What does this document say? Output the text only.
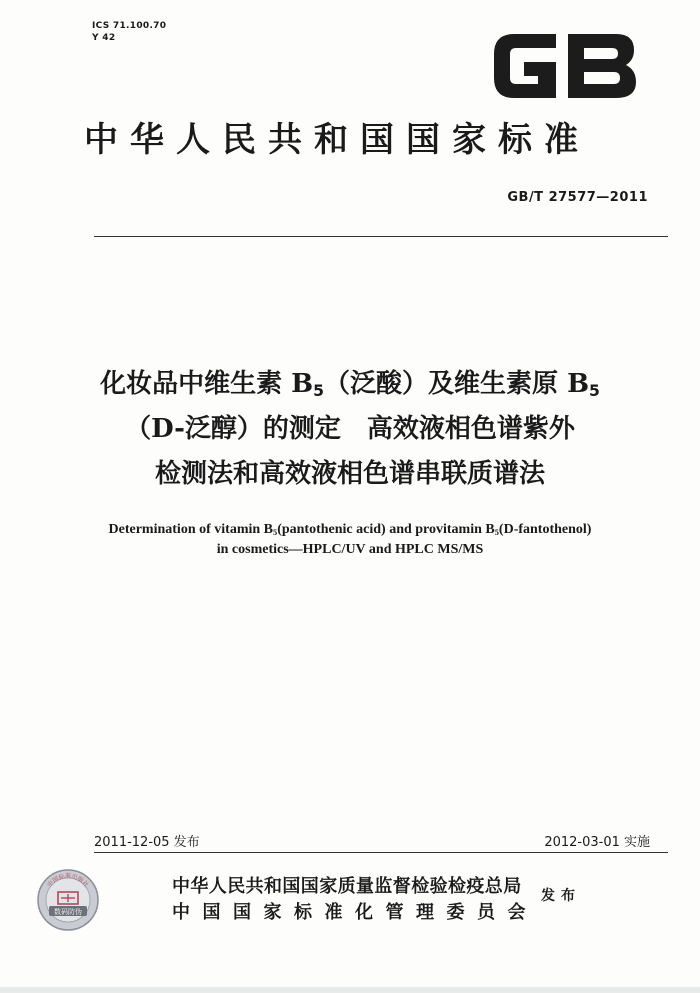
ICS 71.100.70
Y 42
中华人民共和国国家标准
GB/T 27577—2011
化妆品中维生素 $B_5$（泛酸）及维生素原 $B_5$
（D-泛醇）的测定　高效液相色谱紫外
检测法和高效液相色谱串联质谱法
Determination of vitamin $B_5(pantothenic$ acid) and provitamin $B_5(D-fantothenol)$
in cosmetics—HPLC/UV and HPLC MS/MS
2011-12-05 发布	2012-03-01 实施
中国标准出版社
数码防伪
中华人民共和国国家质量监督检验检疫总局
中国国家标准化管理委员会
发布
